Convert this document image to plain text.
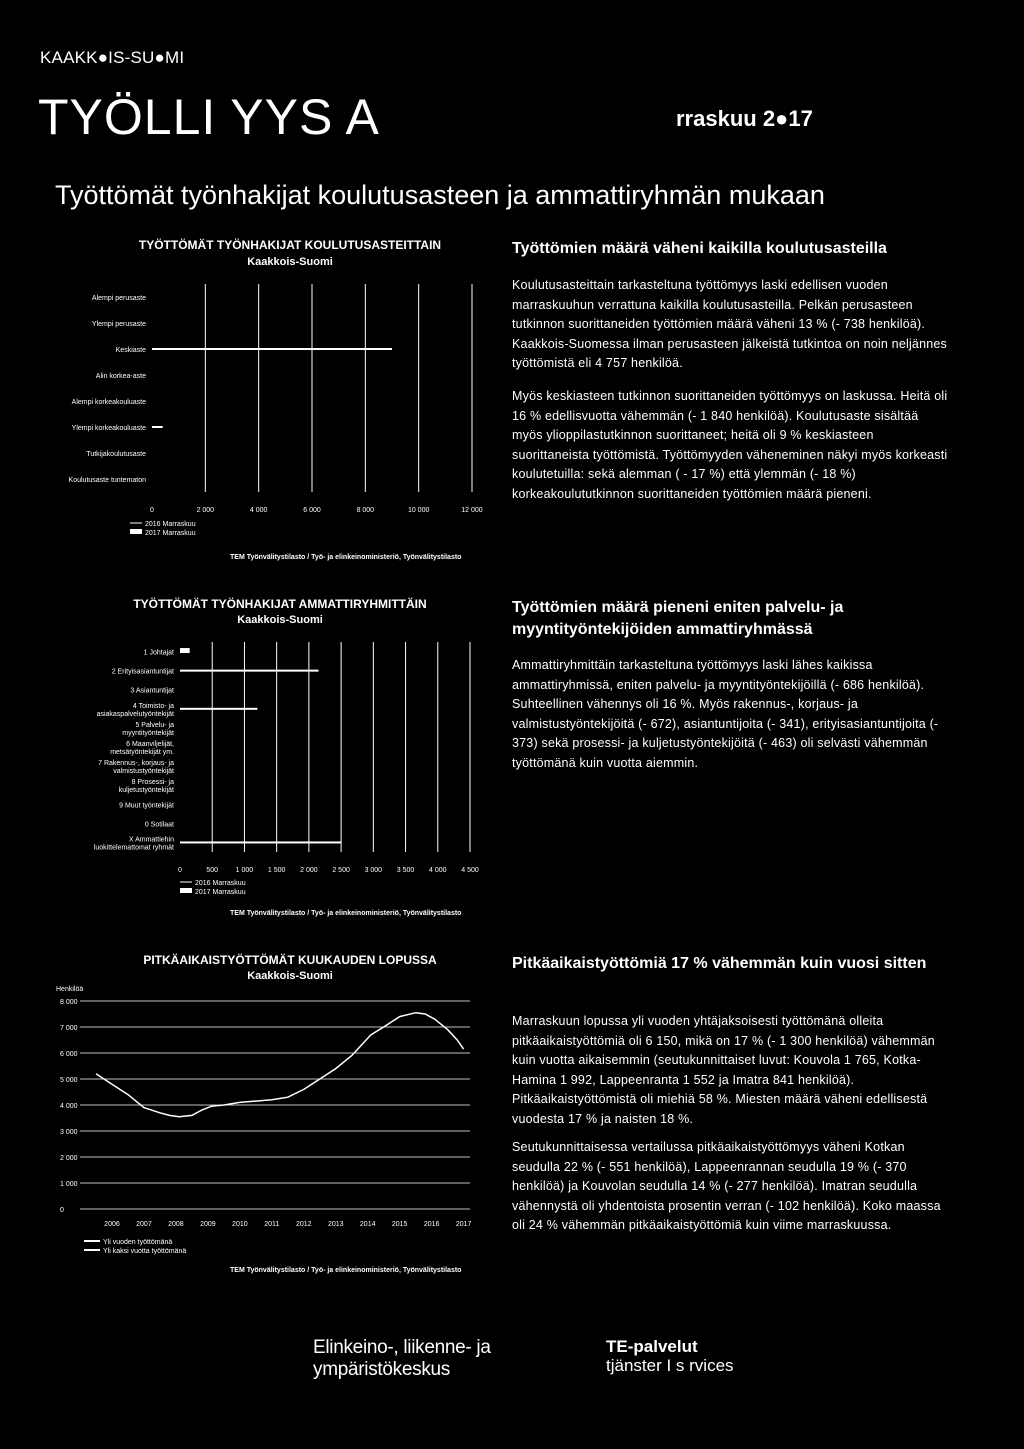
KAAKK●IS-SU●MI
TYÖLLI YYS A	rraskuu 2●17
Työttömät työnhakijat koulutusasteen ja ammattiryhmän mukaan
TYÖTTÖMÄT TYÖNHAKIJAT KOULUTUSASTEITTAIN
Kaakkois-Suomi
0	2 000	4 000	6 000	8 000	10 000	12 000
Alempi perusaste
Ylempi perusaste
Keskiaste
Alin korkea-aste
Alempi korkeakouluaste
Ylempi korkeakouluaste
Tutkijakoulutusaste
Koulutusaste tuntematon
2016 Marraskuu
2017 Marraskuu
TEM Työnvälitystilasto / Työ- ja elinkeinoministeriö, Työnvälitystilasto
Työttömien määrä väheni kaikilla koulutusasteilla
Koulutusasteittain tarkasteltuna työttömyys laski edellisen vuoden marraskuuhun verrattuna kaikilla koulutusasteilla. Pelkän perusasteen tutkinnon suorittaneiden työttömien määrä väheni 13 % (- 738 henkilöä). Kaakkois-Suomessa ilman perusasteen jälkeistä tutkintoa on noin neljännes työttömistä eli 4 757 henkilöä.
Myös keskiasteen tutkinnon suorittaneiden työttömyys on laskussa. Heitä oli 16 % edellisvuotta vähemmän (- 1 840 henkilöä). Koulutusaste sisältää myös ylioppilastutkinnon suorittaneet; heitä oli 9 % keskiasteen suorittaneista työttömistä. Työttömyyden väheneminen näkyi myös korkeasti koulutetuilla: sekä alemman ( - 17 %) että ylemmän (- 18 %) korkeakoulututkinnon suorittaneiden työttömien määrä pieneni.
TYÖTTÖMÄT TYÖNHAKIJAT AMMATTIRYHMITTÄIN
Kaakkois-Suomi
0	500	1 000 1 500 2 000 2 500 3 000 3 500 4 000 4 500
1 Johtajat
2 Erityisasiantuntijat
3 Asiantuntijat
4 Toimisto- ja
asiakaspalvelutyöntekijät
5 Palvelu- ja
myyntityöntekijät
6 Maanviljelijät,
metsätyöntekijät ym.
7 Rakennus-, korjaus- ja
valmistustyöntekijät
8 Prosessi- ja
kuljetustyöntekijät
9 Muut työntekijät
0 Sotilaat
X Ammattiehin
luokittelemattomat ryhmät
2016 Marraskuu
2017 Marraskuu
TEM Työnvälitystilasto / Työ- ja elinkeinoministeriö, Työnvälitystilasto
Työttömien määrä pieneni eniten palvelu- ja myyntityöntekijöiden ammattiryhmässä
Ammattiryhmittäin tarkasteltuna työttömyys laski lähes kaikissa ammattiryhmissä, eniten palvelu- ja myyntityöntekijöillä (- 686 henkilöä). Suhteellinen vähennys oli 16 %. Myös rakennus-, korjaus- ja valmistustyöntekijöitä (- 672), asiantuntijoita (- 341), erityisasiantuntijoita (- 373) sekä prosessi- ja kuljetustyöntekijöitä (- 463) oli selvästi vähemmän työttömänä kuin vuotta aiemmin.
PITKÄAIKAISTYÖTTÖMÄT KUUKAUDEN LOPUSSA
Kaakkois-Suomi
Henkilöä
0
1 000
2 000
3 000
4 000
5 000
6 000
7 000
8 000
2006 2007 2008 2009 2010 2011 2012 2013 2014 2015 2016 2017
Yli vuoden työttömänä
Yli kaksi vuotta työttömänä
TEM Työnvälitystilasto / Työ- ja elinkeinoministeriö, Työnvälitystilasto
Pitkäaikaistyöttömiä 17 % vähemmän kuin vuosi sitten
Marraskuun lopussa yli vuoden yhtäjaksoisesti työttömänä olleita pitkäaikaistyöttömiä oli 6 150, mikä on 17 % (- 1 300 henkilöä) vähemmän kuin vuotta aikaisemmin (seutukunnittaiset luvut: Kouvola 1 765, Kotka-Hamina 1 992, Lappeenranta 1 552 ja Imatra 841 henkilöä). Pitkäaikaistyöttömistä oli miehiä 58 %. Miesten määrä väheni edellisestä vuodesta 17 % ja naisten 18 %.
Seutukunnittaisessa vertailussa pitkäaikaistyöttömyys väheni Kotkan seudulla 22 % (- 551 henkilöä), Lappeenrannan seudulla 19 % (- 370 henkilöä) ja Kouvolan seudulla 14 % (- 277 henkilöä). Imatran seudulla vähennystä oli yhdentoista prosentin verran (- 102 henkilöä). Koko maassa oli 24 % vähemmän pitkäaikaistyöttömiä kuin viime marraskuussa.
Elinkeino-, liikenne- ja
ympäristökeskus
TE-palvelut
tjänster I s rvices
